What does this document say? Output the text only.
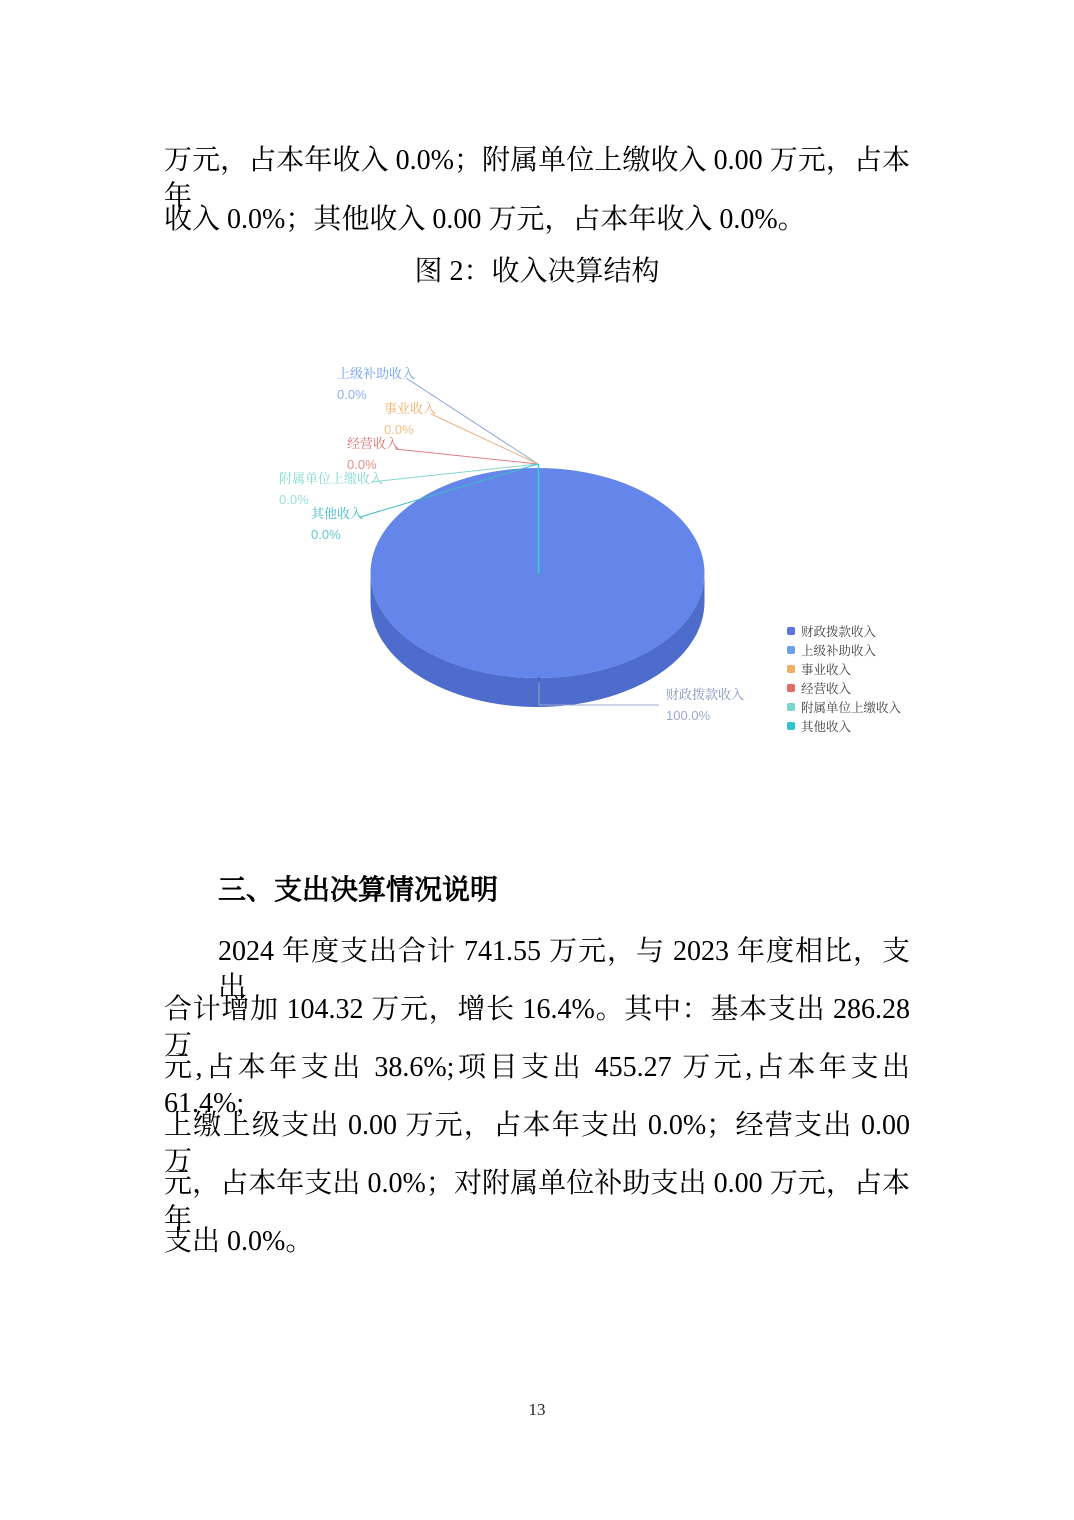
万元，占本年收入 0.0%；附属单位上缴收入 0.00 万元，占本年
收入 0.0%；其他收入 0.00 万元，占本年收入 0.0%。
图 2：收入决算结构
上级补助收入
0.0%
事业收入
0.0%
经营收入
0.0%
附属单位上缴收入
0.0%
其他收入
0.0%
财政拨款收入
100.0%
财政拨款收入
上级补助收入
事业收入
经营收入
附属单位上缴收入
其他收入
三、支出决算情况说明
2024 年度支出合计 741.55 万元，与 2023 年度相比，支出
合计增加 104.32 万元，增长 16.4%。其中：基本支出 286.28 万
元,占本年支出 38.6%;项目支出 455.27 万元,占本年支出 61.4%;
上缴上级支出 0.00 万元，占本年支出 0.0%；经营支出 0.00 万
元，占本年支出 0.0%；对附属单位补助支出 0.00 万元，占本年
支出 0.0%。
13
